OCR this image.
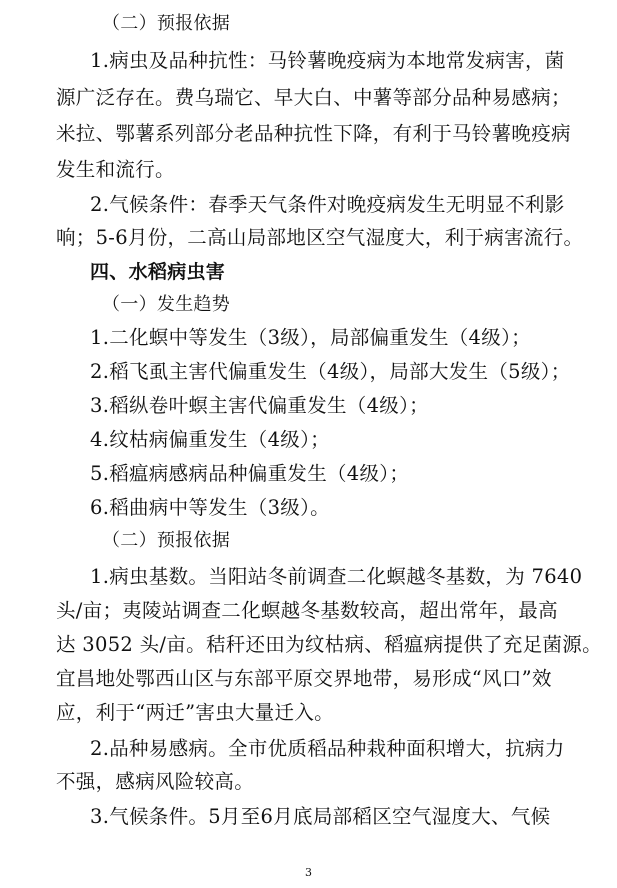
（二）预报依据
1.病虫及品种抗性：马铃薯晚疫病为本地常发病害，菌
源广泛存在。费乌瑞它、早大白、中薯等部分品种易感病；
米拉、鄂薯系列部分老品种抗性下降，有利于马铃薯晚疫病
发生和流行。
2.气候条件：春季天气条件对晚疫病发生无明显不利影
响；5-6月份，二高山局部地区空气湿度大，利于病害流行。
四、水稻病虫害
（一）发生趋势
1.二化螟中等发生（3级），局部偏重发生（4级）；
2.稻飞虱主害代偏重发生（4级），局部大发生（5级）；
3.稻纵卷叶螟主害代偏重发生（4级）；
4.纹枯病偏重发生（4级）；
5.稻瘟病感病品种偏重发生（4级）；
6.稻曲病中等发生（3级）。
（二）预报依据
1.病虫基数。当阳站冬前调查二化螟越冬基数，为 7640
头/亩；夷陵站调查二化螟越冬基数较高，超出常年，最高
达 3052 头/亩。秸秆还田为纹枯病、稻瘟病提供了充足菌源。
宜昌地处鄂西山区与东部平原交界地带，易形成“风口”效
应，利于“两迁”害虫大量迁入。
2.品种易感病。全市优质稻品种栽种面积增大，抗病力
不强，感病风险较高。
3.气候条件。5月至6月底局部稻区空气湿度大、气候
3
